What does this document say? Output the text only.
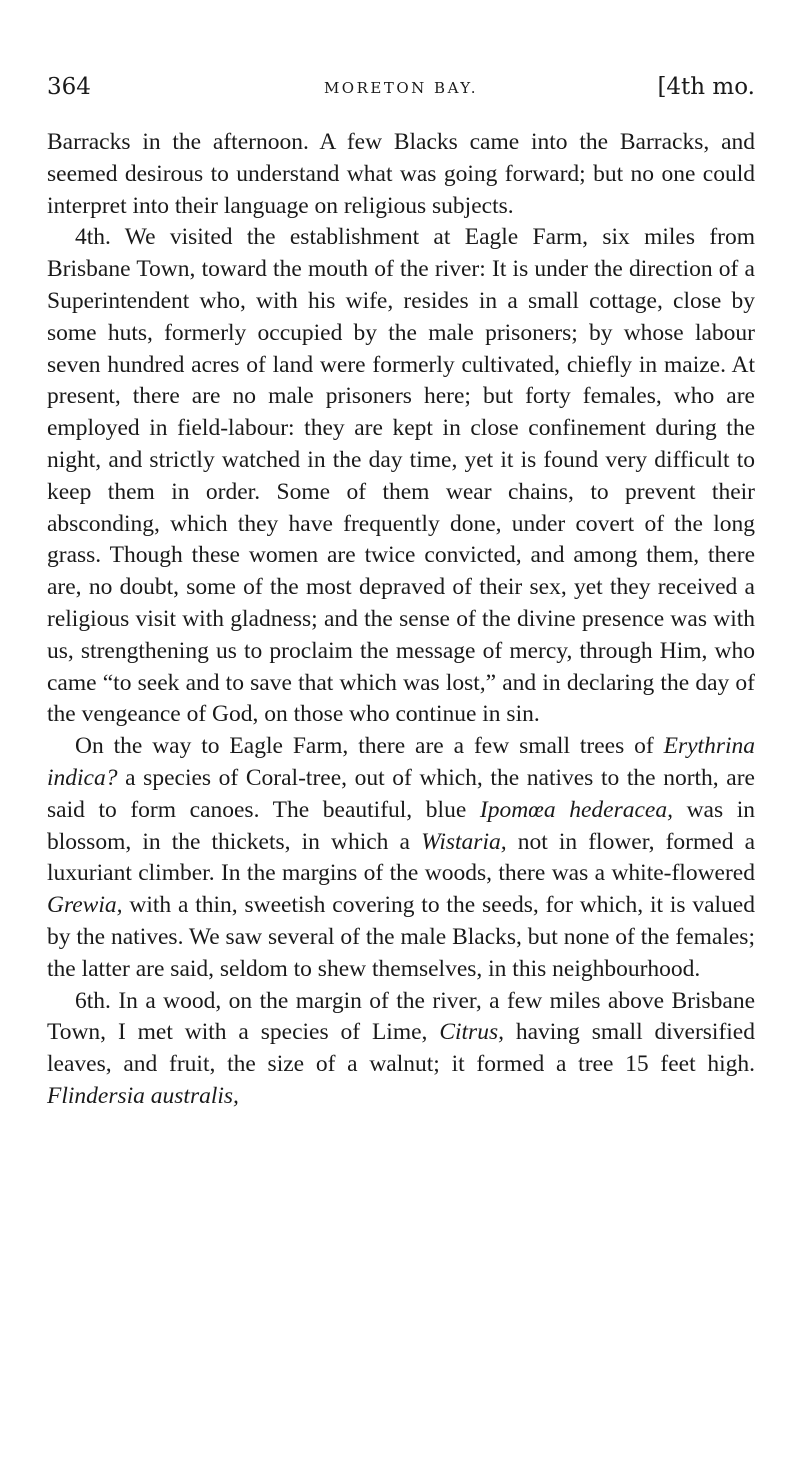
364	MORETON BAY.	[4th mo.

Barracks in the afternoon. A few Blacks came into the Barracks, and seemed desirous to understand what was going forward; but no one could interpret into their language on religious subjects.

4th. We visited the establishment at Eagle Farm, six miles from Brisbane Town, toward the mouth of the river: It is under the direction of a Superintendent who, with his wife, resides in a small cottage, close by some huts, formerly occupied by the male prisoners; by whose labour seven hundred acres of land were formerly cultivated, chiefly in maize. At present, there are no male prisoners here; but forty females, who are employed in field-labour: they are kept in close confinement during the night, and strictly watched in the day time, yet it is found very difficult to keep them in order. Some of them wear chains, to prevent their absconding, which they have frequently done, under covert of the long grass. Though these women are twice convicted, and among them, there are, no doubt, some of the most depraved of their sex, yet they received a religious visit with gladness; and the sense of the divine presence was with us, strengthening us to proclaim the message of mercy, through Him, who came “to seek and to save that which was lost,” and in declaring the day of the vengeance of God, on those who continue in sin.

On the way to Eagle Farm, there are a few small trees of Erythrina indica? a species of Coral-tree, out of which, the natives to the north, are said to form canoes. The beautiful, blue Ipomœa hederacea, was in blossom, in the thickets, in which a Wistaria, not in flower, formed a luxuriant climber. In the margins of the woods, there was a white-flowered Grewia, with a thin, sweetish covering to the seeds, for which, it is valued by the natives. We saw several of the male Blacks, but none of the females; the latter are said, seldom to shew themselves, in this neighbourhood.

6th. In a wood, on the margin of the river, a few miles above Brisbane Town, I met with a species of Lime, Citrus, having small diversified leaves, and fruit, the size of a walnut; it formed a tree 15 feet high. Flindersia australis,
